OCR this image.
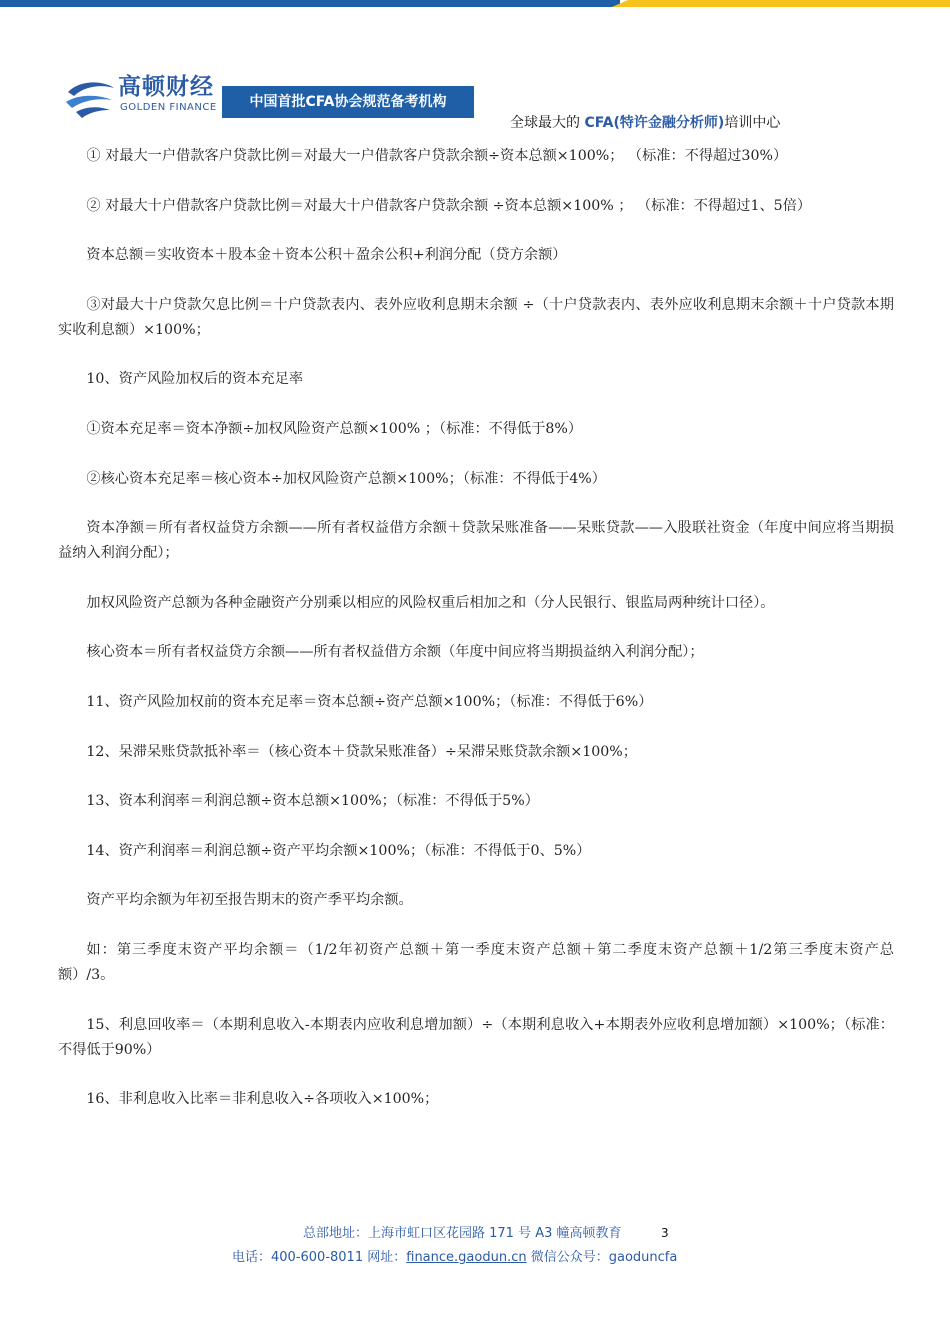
高顿财经
GOLDEN FINANCE	中国首批CFA协会规范备考机构
全球最大的 CFA(特许金融分析师)培训中心

① 对最大一户借款客户贷款比例＝对最大一户借款客户贷款余额÷资本总额×100%； （标准：不得超过30%）

② 对最大十户借款客户贷款比例＝对最大十户借款客户贷款余额 ÷资本总额×100% ； （标准：不得超过1、5倍）

资本总额＝实收资本＋股本金＋资本公积＋盈余公积+利润分配（贷方余额）

③对最大十户贷款欠息比例＝十户贷款表内、表外应收利息期末余额 ÷（十户贷款表内、表外应收利息期末余额＋十户贷款本期实收利息额）×100%；

10、资产风险加权后的资本充足率

①资本充足率＝资本净额÷加权风险资产总额×100% ；（标准：不得低于8%）

②核心资本充足率＝核心资本÷加权风险资产总额×100%；（标准：不得低于4%）

资本净额＝所有者权益贷方余额——所有者权益借方余额＋贷款呆账准备——呆账贷款——入股联社资金（年度中间应将当期损益纳入利润分配）；

加权风险资产总额为各种金融资产分别乘以相应的风险权重后相加之和（分人民银行、银监局两种统计口径）。

核心资本＝所有者权益贷方余额——所有者权益借方余额（年度中间应将当期损益纳入利润分配）；

11、资产风险加权前的资本充足率＝资本总额÷资产总额×100%；（标准：不得低于6%）

12、呆滞呆账贷款抵补率＝（核心资本＋贷款呆账准备）÷呆滞呆账贷款余额×100%；

13、资本利润率＝利润总额÷资本总额×100%；（标准：不得低于5%）

14、资产利润率＝利润总额÷资产平均余额×100%；（标准：不得低于0、5%）

资产平均余额为年初至报告期末的资产季平均余额。

如：第三季度末资产平均余额＝（1/2年初资产总额＋第一季度末资产总额＋第二季度末资产总额＋1/2第三季度末资产总额）/3。

15、利息回收率＝（本期利息收入-本期表内应收利息增加额）÷（本期利息收入+本期表外应收利息增加额）×100%；（标准：不得低于90%）

16、非利息收入比率＝非利息收入÷各项收入×100%；

总部地址：上海市虹口区花园路 171 号 A3 幢高顿教育	3
电话：400-600-8011 网址：finance.gaodun.cn 微信公众号：gaoduncfa
